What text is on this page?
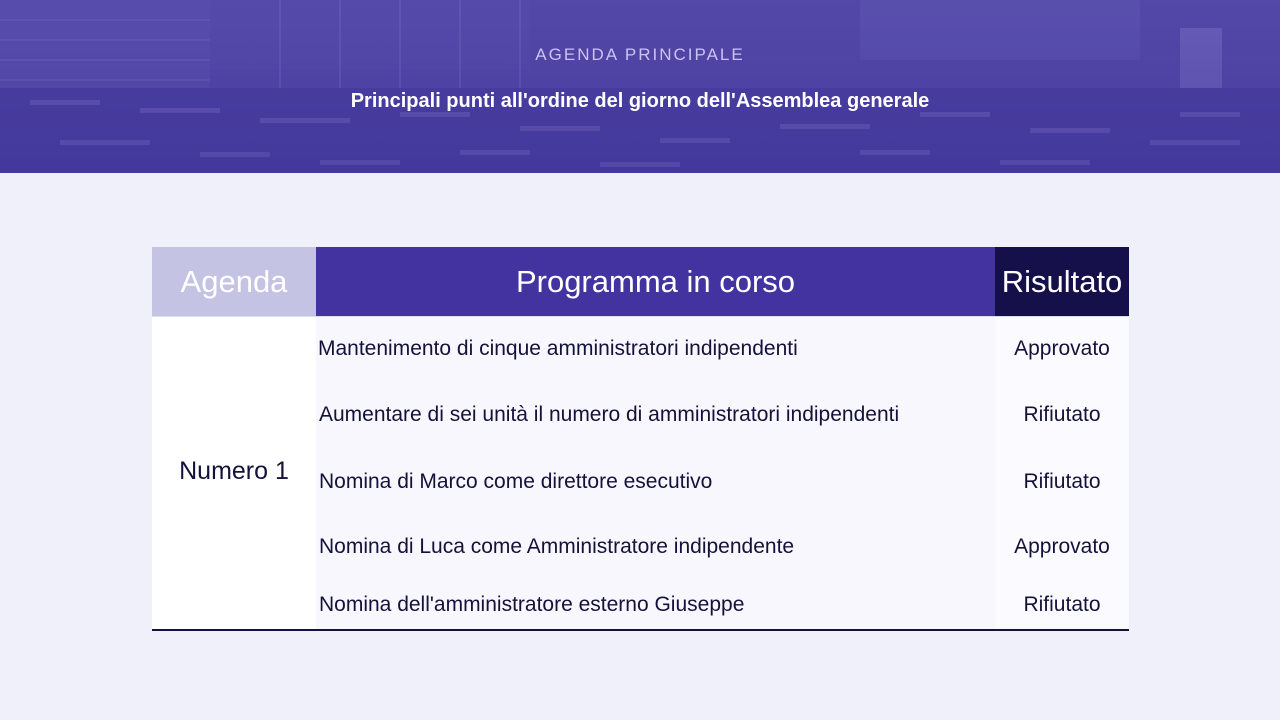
AGENDA PRINCIPALE
Principali punti all'ordine del giorno dell'Assemblea generale
Agenda	Programma in corso	Risultato
Numero 1
Mantenimento di cinque amministratori indipendenti	Approvato
Aumentare di sei unità il numero di amministratori indipendenti	Rifiutato
Nomina di Marco come direttore esecutivo	Rifiutato
Nomina di Luca come Amministratore indipendente	Approvato
Nomina dell'amministratore esterno Giuseppe	Rifiutato
